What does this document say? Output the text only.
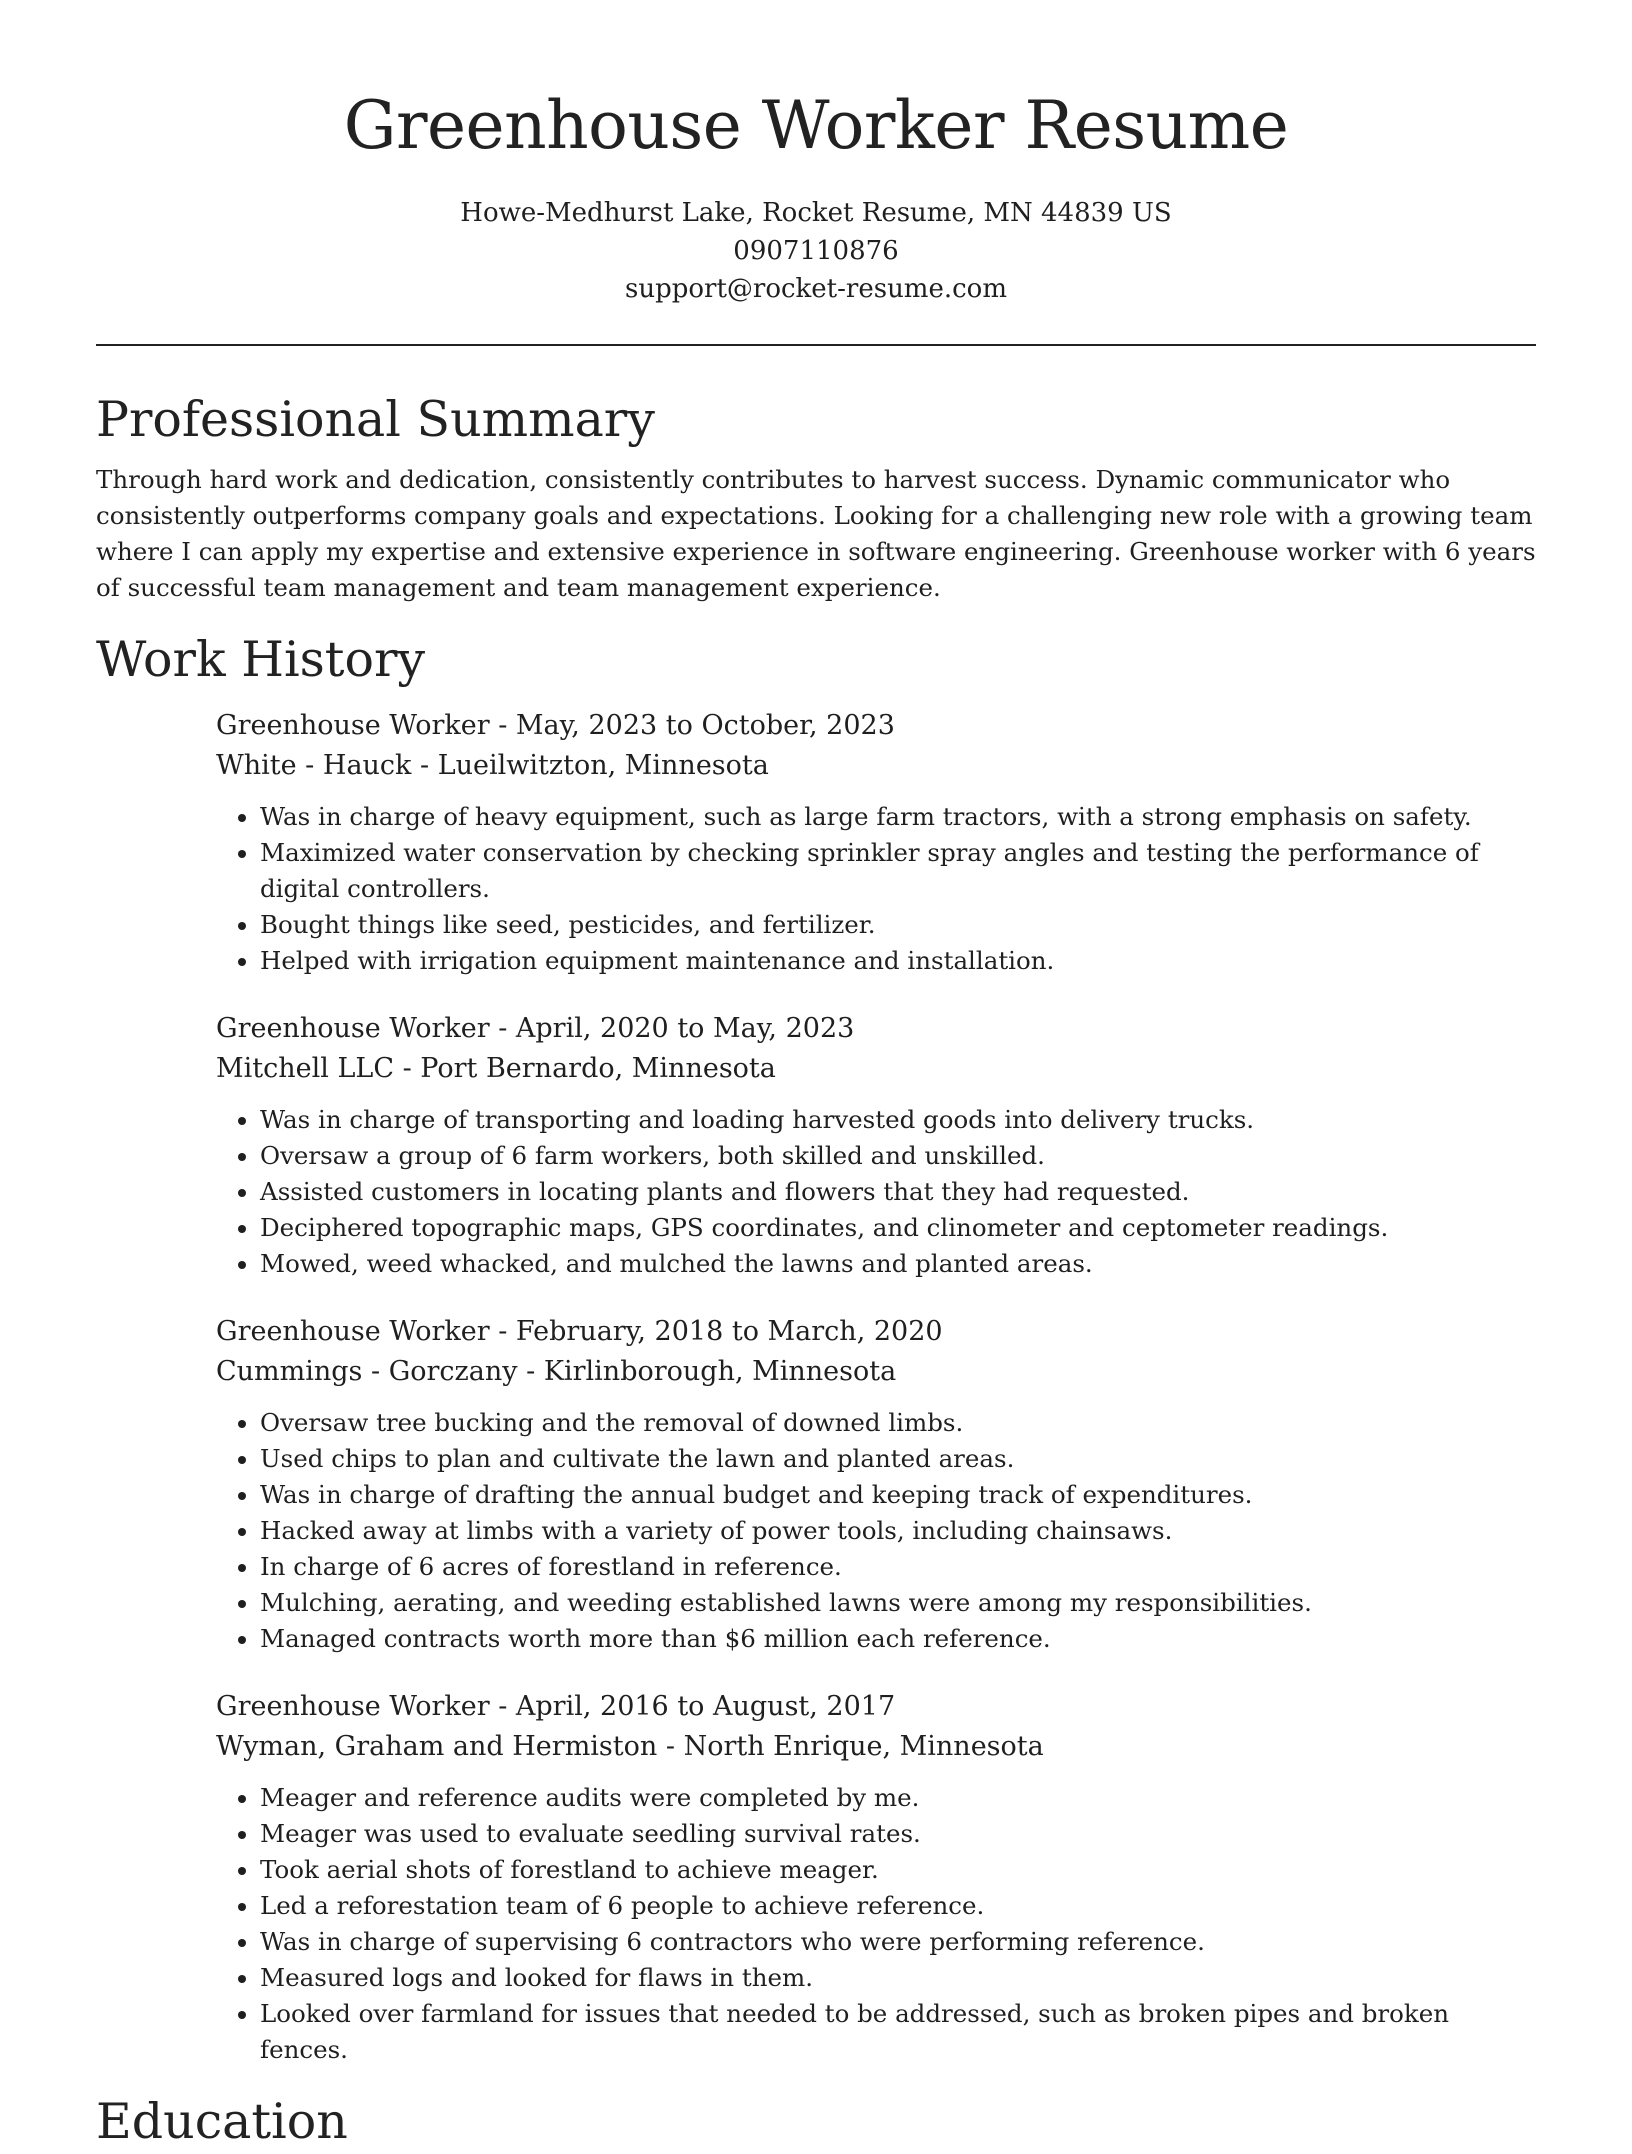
Greenhouse Worker Resume

Howe-Medhurst Lake, Rocket Resume, MN 44839 US

0907110876

support@rocket-resume.com

Professional Summary

Through hard work and dedication, consistently contributes to harvest success. Dynamic communicator who consistently outperforms company goals and expectations. Looking for a challenging new role with a growing team where I can apply my expertise and extensive experience in software engineering. Greenhouse worker with 6 years of successful team management and team management experience.

Work History

Greenhouse Worker - May, 2023 to October, 2023

White - Hauck - Lueilwitzton, Minnesota

• Was in charge of heavy equipment, such as large farm tractors, with a strong emphasis on safety.
• Maximized water conservation by checking sprinkler spray angles and testing the performance of digital controllers.
• Bought things like seed, pesticides, and fertilizer.
• Helped with irrigation equipment maintenance and installation.

Greenhouse Worker - April, 2020 to May, 2023

Mitchell LLC - Port Bernardo, Minnesota

• Was in charge of transporting and loading harvested goods into delivery trucks.
• Oversaw a group of 6 farm workers, both skilled and unskilled.
• Assisted customers in locating plants and flowers that they had requested.
• Deciphered topographic maps, GPS coordinates, and clinometer and ceptometer readings.
• Mowed, weed whacked, and mulched the lawns and planted areas.

Greenhouse Worker - February, 2018 to March, 2020

Cummings - Gorczany - Kirlinborough, Minnesota

• Oversaw tree bucking and the removal of downed limbs.
• Used chips to plan and cultivate the lawn and planted areas.
• Was in charge of drafting the annual budget and keeping track of expenditures.
• Hacked away at limbs with a variety of power tools, including chainsaws.
• In charge of 6 acres of forestland in reference.
• Mulching, aerating, and weeding established lawns were among my responsibilities.
• Managed contracts worth more than $6 million each reference.

Greenhouse Worker - April, 2016 to August, 2017

Wyman, Graham and Hermiston - North Enrique, Minnesota

• Meager and reference audits were completed by me.
• Meager was used to evaluate seedling survival rates.
• Took aerial shots of forestland to achieve meager.
• Led a reforestation team of 6 people to achieve reference.
• Was in charge of supervising 6 contractors who were performing reference.
• Measured logs and looked for flaws in them.
• Looked over farmland for issues that needed to be addressed, such as broken pipes and broken fences.
Education
